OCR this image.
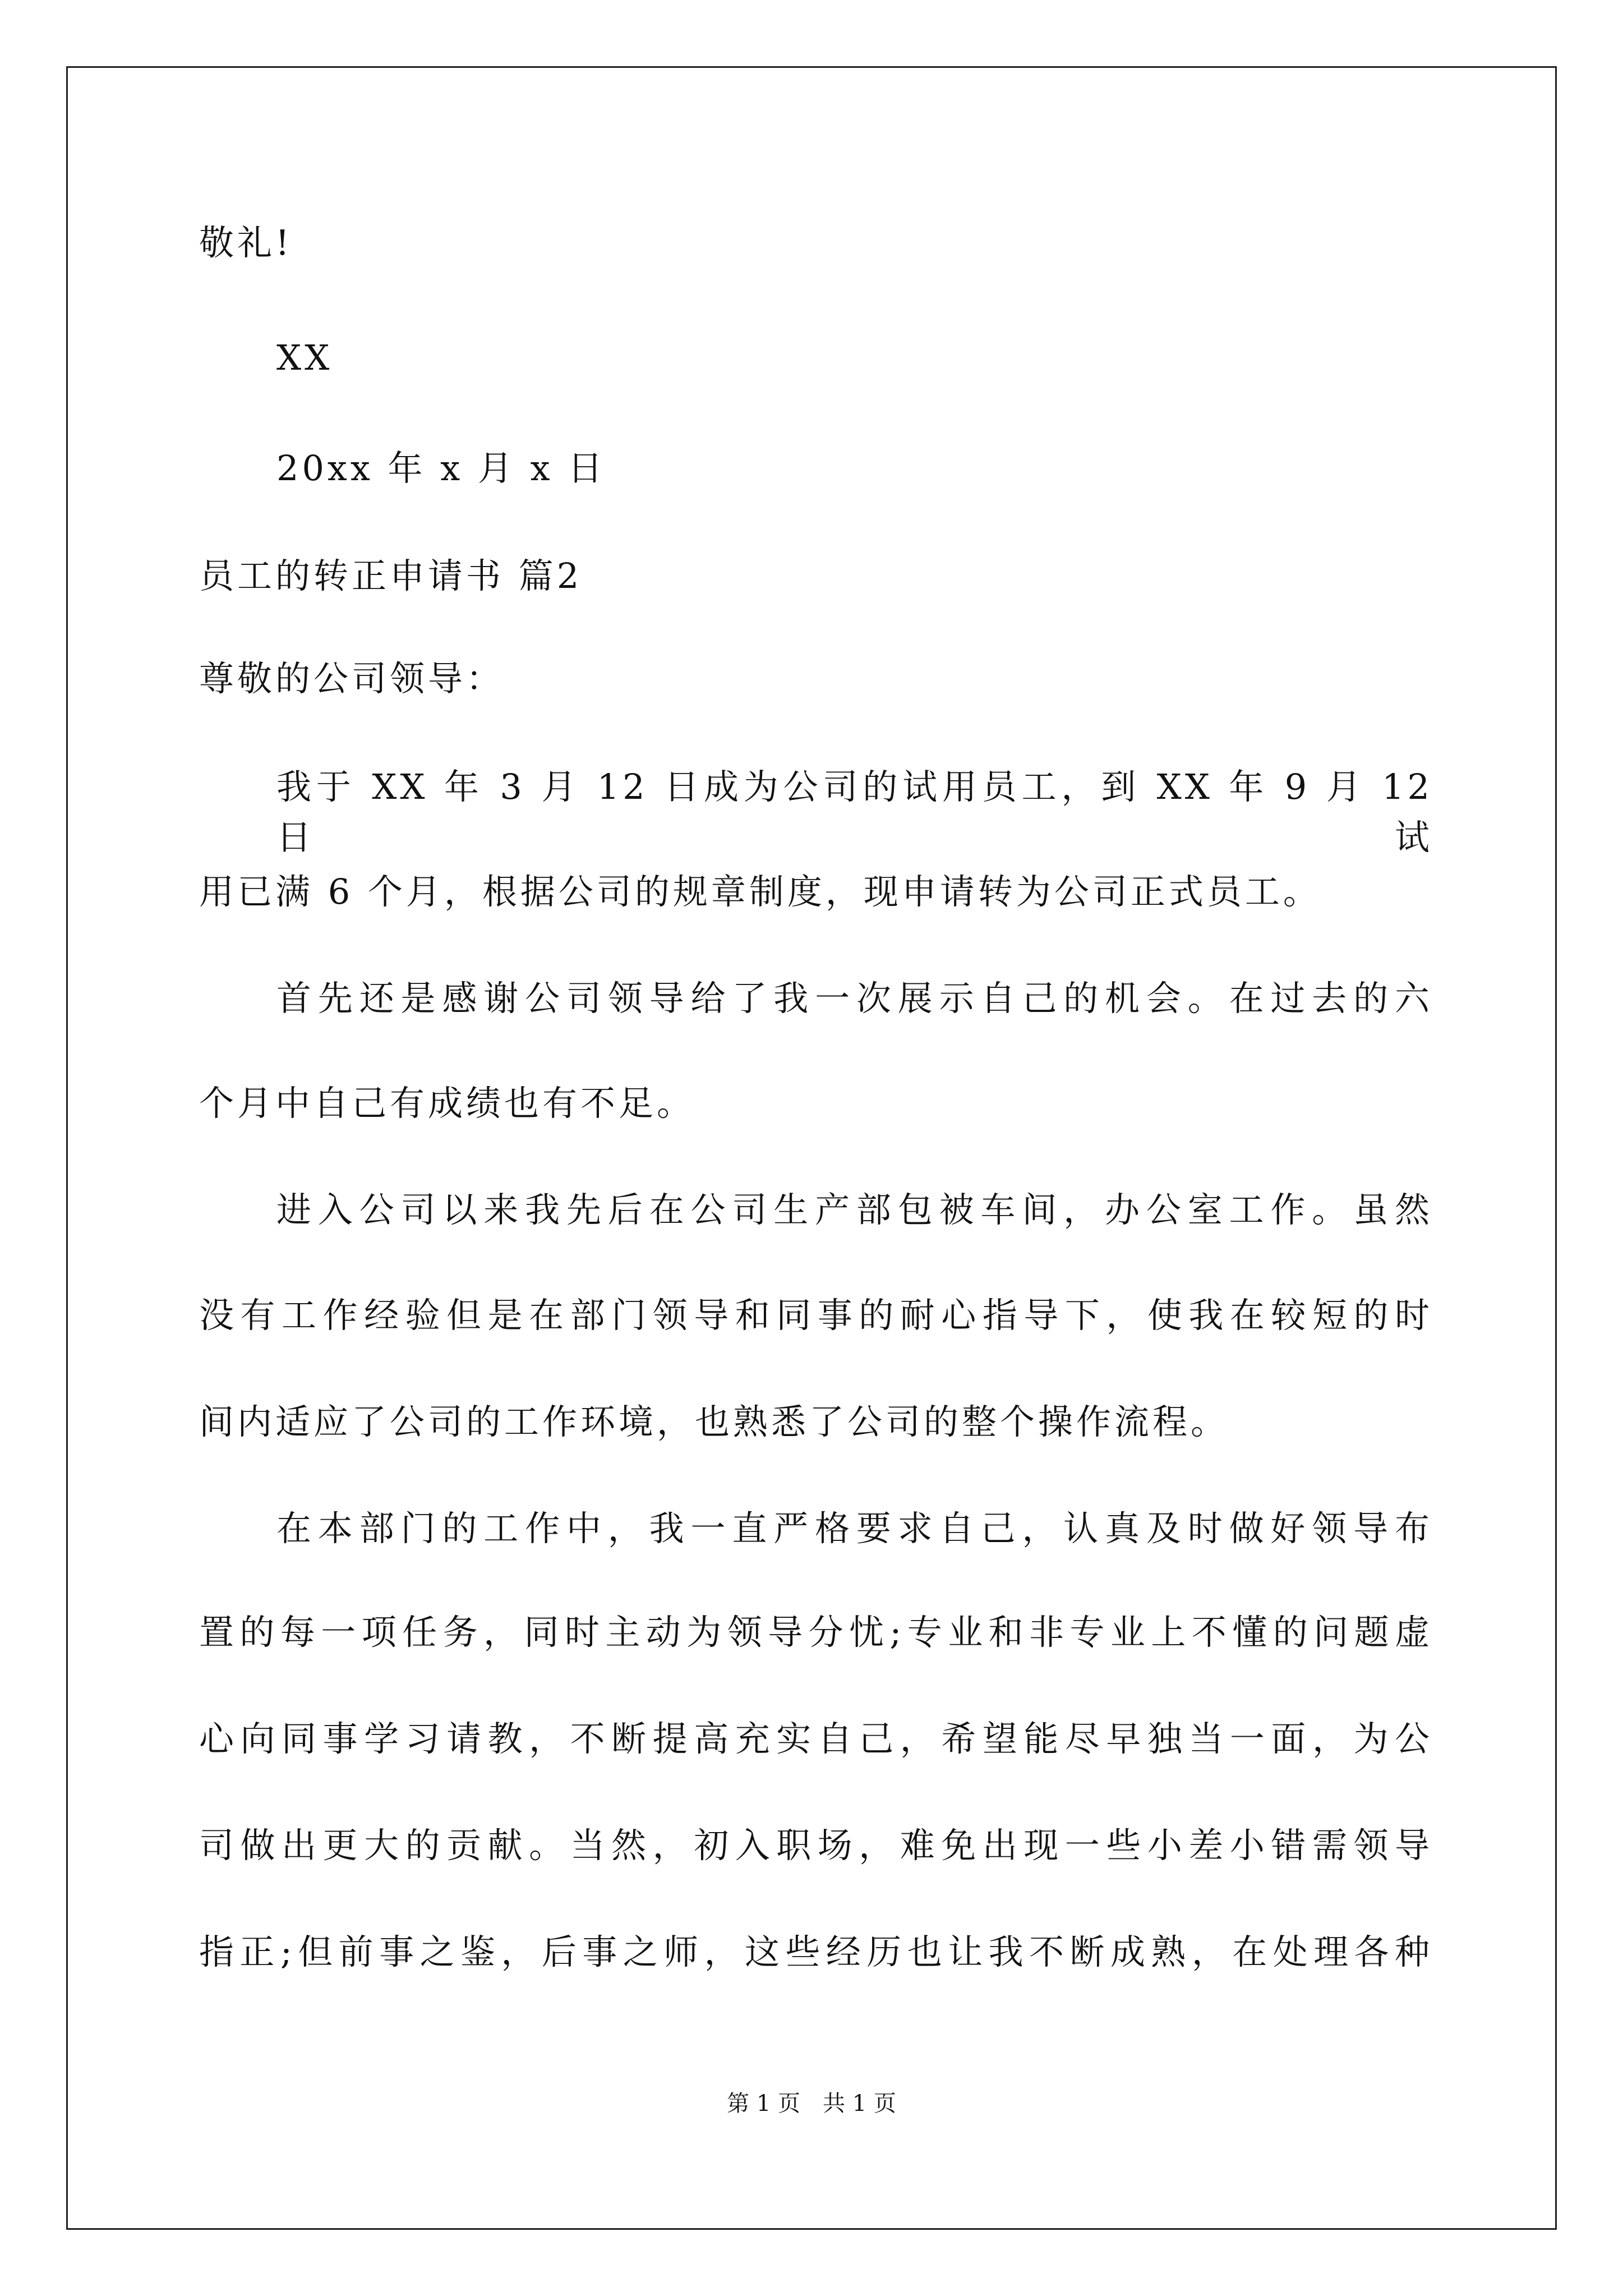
敬礼!
XX
20xx 年 x 月 x 日
员工的转正申请书 篇2
尊敬的公司领导：
我于 XX 年 3 月 12 日成为公司的试用员工，到 XX 年 9 月 12 日试
用已满 6 个月，根据公司的规章制度，现申请转为公司正式员工。
首先还是感谢公司领导给了我一次展示自己的机会。在过去的六
个月中自己有成绩也有不足。
进入公司以来我先后在公司生产部包被车间，办公室工作。虽然
没有工作经验但是在部门领导和同事的耐心指导下，使我在较短的时
间内适应了公司的工作环境，也熟悉了公司的整个操作流程。
在本部门的工作中，我一直严格要求自己，认真及时做好领导布
置的每一项任务，同时主动为领导分忧;专业和非专业上不懂的问题虚
心向同事学习请教，不断提高充实自己，希望能尽早独当一面，为公
司做出更大的贡献。当然，初入职场，难免出现一些小差小错需领导
指正;但前事之鉴，后事之师，这些经历也让我不断成熟，在处理各种
第 1 页　共 1 页
